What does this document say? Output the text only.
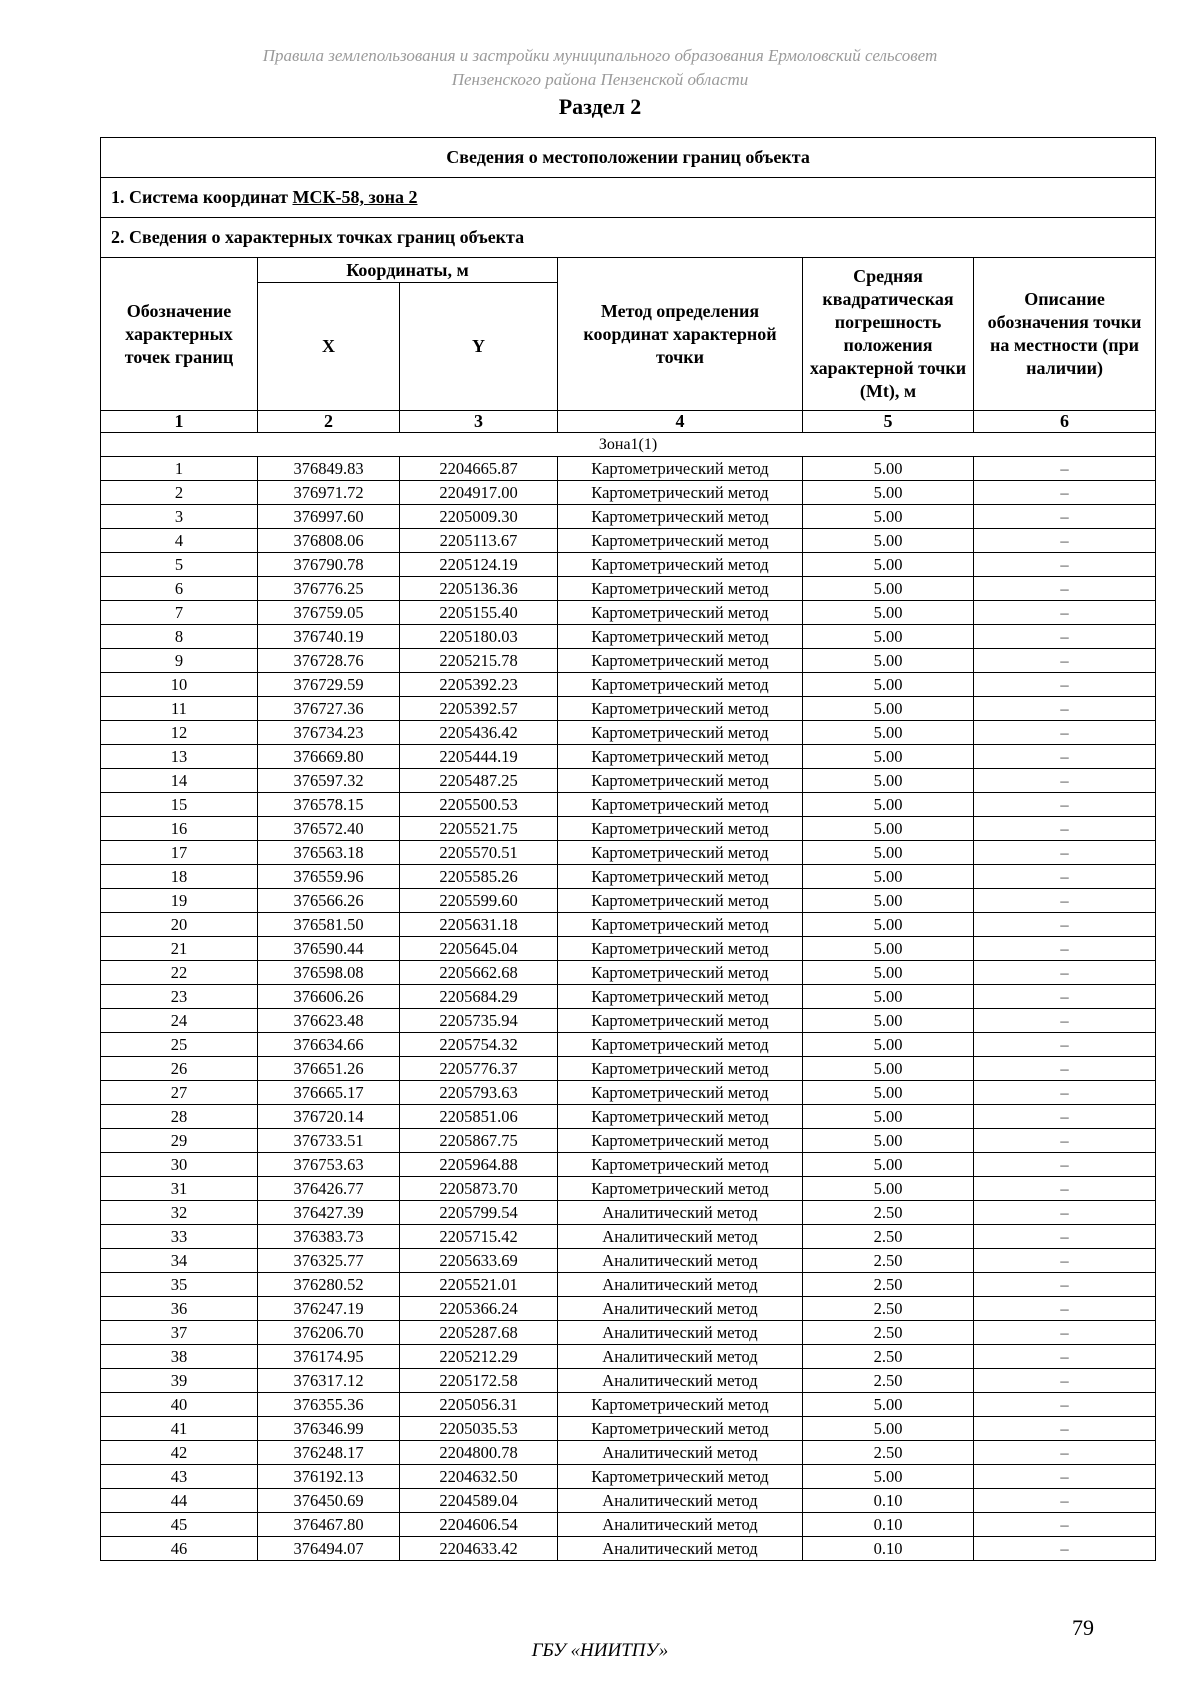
Правила землепользования и застройки муниципального образования Ермоловский сельсовет
Пензенского района Пензенской области
Раздел 2
Сведения о местоположении границ объекта					
1. Система координат МСК-58, зона 2					
2. Сведения о характерных точках границ объекта					
Обозначение характерных точек границ	Координаты, м		Метод определения координат характерной точки	Средняя квадратическая погрешность положения характерной точки (Mt), м	Описание обозначения точки на местности (при наличии)
	X	Y			
1	2	3	4	5	6
Зона1(1)					
1	376849.83	2204665.87	Картометрический метод	5.00	–
2	376971.72	2204917.00	Картометрический метод	5.00	–
3	376997.60	2205009.30	Картометрический метод	5.00	–
4	376808.06	2205113.67	Картометрический метод	5.00	–
5	376790.78	2205124.19	Картометрический метод	5.00	–
6	376776.25	2205136.36	Картометрический метод	5.00	–
7	376759.05	2205155.40	Картометрический метод	5.00	–
8	376740.19	2205180.03	Картометрический метод	5.00	–
9	376728.76	2205215.78	Картометрический метод	5.00	–
10	376729.59	2205392.23	Картометрический метод	5.00	–
11	376727.36	2205392.57	Картометрический метод	5.00	–
12	376734.23	2205436.42	Картометрический метод	5.00	–
13	376669.80	2205444.19	Картометрический метод	5.00	–
14	376597.32	2205487.25	Картометрический метод	5.00	–
15	376578.15	2205500.53	Картометрический метод	5.00	–
16	376572.40	2205521.75	Картометрический метод	5.00	–
17	376563.18	2205570.51	Картометрический метод	5.00	–
18	376559.96	2205585.26	Картометрический метод	5.00	–
19	376566.26	2205599.60	Картометрический метод	5.00	–
20	376581.50	2205631.18	Картометрический метод	5.00	–
21	376590.44	2205645.04	Картометрический метод	5.00	–
22	376598.08	2205662.68	Картометрический метод	5.00	–
23	376606.26	2205684.29	Картометрический метод	5.00	–
24	376623.48	2205735.94	Картометрический метод	5.00	–
25	376634.66	2205754.32	Картометрический метод	5.00	–
26	376651.26	2205776.37	Картометрический метод	5.00	–
27	376665.17	2205793.63	Картометрический метод	5.00	–
28	376720.14	2205851.06	Картометрический метод	5.00	–
29	376733.51	2205867.75	Картометрический метод	5.00	–
30	376753.63	2205964.88	Картометрический метод	5.00	–
31	376426.77	2205873.70	Картометрический метод	5.00	–
32	376427.39	2205799.54	Аналитический метод	2.50	–
33	376383.73	2205715.42	Аналитический метод	2.50	–
34	376325.77	2205633.69	Аналитический метод	2.50	–
35	376280.52	2205521.01	Аналитический метод	2.50	–
36	376247.19	2205366.24	Аналитический метод	2.50	–
37	376206.70	2205287.68	Аналитический метод	2.50	–
38	376174.95	2205212.29	Аналитический метод	2.50	–
39	376317.12	2205172.58	Аналитический метод	2.50	–
40	376355.36	2205056.31	Картометрический метод	5.00	–
41	376346.99	2205035.53	Картометрический метод	5.00	–
42	376248.17	2204800.78	Аналитический метод	2.50	–
43	376192.13	2204632.50	Картометрический метод	5.00	–
44	376450.69	2204589.04	Аналитический метод	0.10	–
45	376467.80	2204606.54	Аналитический метод	0.10	–
46	376494.07	2204633.42	Аналитический метод	0.10	–
79
ГБУ «НИИТПУ»
